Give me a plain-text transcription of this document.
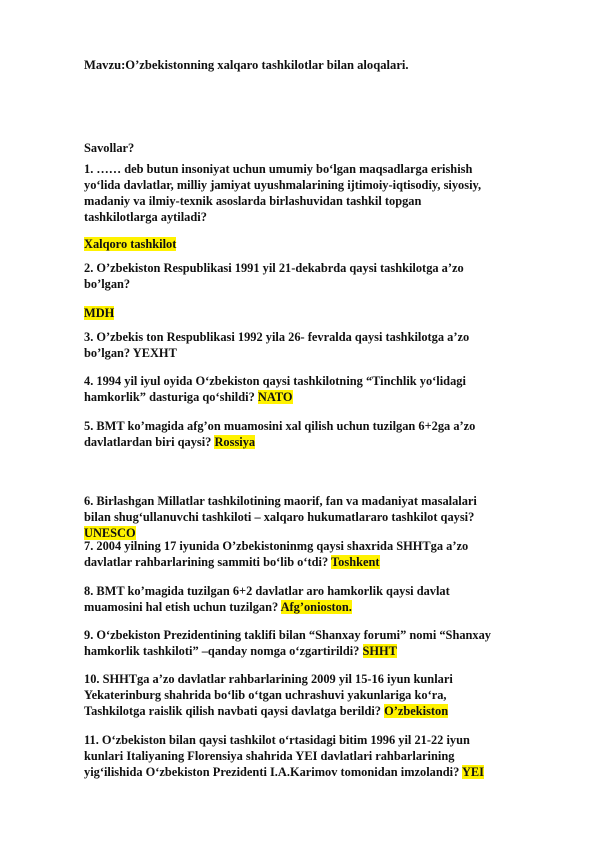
Mavzu:O’zbekistonning xalqaro tashkilotlar bilan aloqalari.
Savollar?
1. …… deb butun insoniyat uchun umumiy bo‘lgan maqsadlarga erishish
yo‘lida davlatlar, milliy jamiyat uyushmalarining ijtimoiy-iqtisodiy, siyosiy,
madaniy va ilmiy-texnik asoslarda birlashuvidan tashkil topgan
tashkilotlarga aytiladi?
Xalqoro tashkilot
2. O’zbekiston Respublikasi 1991 yil 21-dekabrda qaysi tashkilotga a’zo
bo’lgan?
MDH
3. O’zbekis ton Respublikasi 1992 yila 26- fevralda qaysi tashkilotga a’zo
bo’lgan? YEXHT
4. 1994 yil iyul oyida O‘zbekiston qaysi tashkilotning “Tinchlik yo‘lidagi
hamkorlik” dasturiga qo‘shildi? NATO
5. BMT ko’magida afg’on muamosini xal qilish uchun tuzilgan 6+2ga a’zo
davlatlardan biri qaysi? Rossiya
6. Birlashgan Millatlar tashkilotining maorif, fan va madaniyat masalalari
bilan shug‘ullanuvchi tashkiloti – xalqaro hukumatlararo tashkilot qaysi?
UNESCO
7. 2004 yilning 17 iyunida O’zbekistoninmg qaysi shaxrida SHHTga a’zo
davlatlar rahbarlarining sammiti bo‘lib o‘tdi? Toshkent
8. BMT ko’magida tuzilgan 6+2 davlatlar aro hamkorlik qaysi davlat
muamosini hal etish uchun tuzilgan? Afg’onioston.
9. O‘zbekiston Prezidentining taklifi bilan “Shanxay forumi” nomi “Shanxay
hamkorlik tashkiloti” –qanday nomga o‘zgartirildi? SHHT
10. SHHTga a’zo davlatlar rahbarlarining 2009 yil 15-16 iyun kunlari
Yekaterinburg shahrida bo‘lib o‘tgan uchrashuvi yakunlariga ko‘ra,
Tashkilotga raislik qilish navbati qaysi davlatga berildi? O’zbekiston
11. O‘zbekiston bilan qaysi tashkilot o‘rtasidagi bitim 1996 yil 21-22 iyun
kunlari Italiyaning Florensiya shahrida YEI davlatlari rahbarlarining
yig‘ilishida O‘zbekiston Prezidenti I.A.Karimov tomonidan imzolandi? YEI
